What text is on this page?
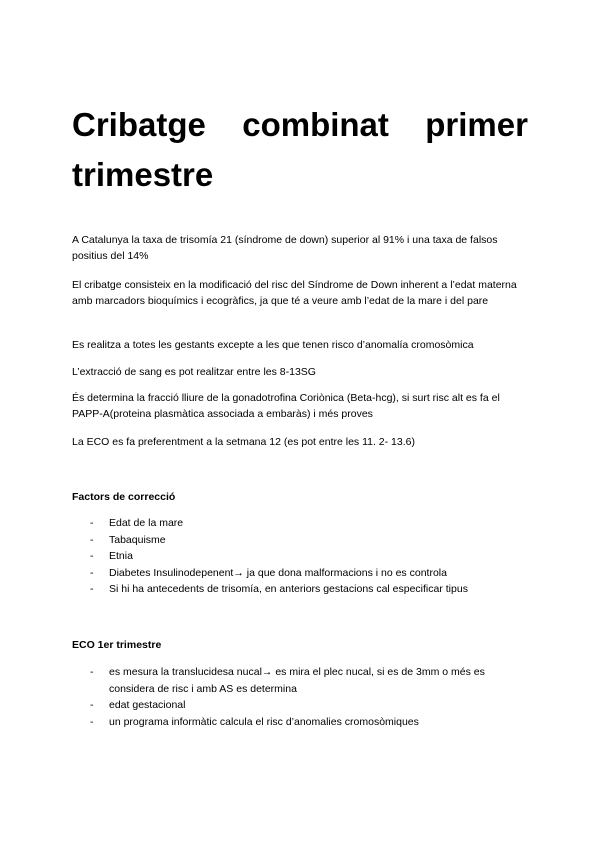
Cribatge combinat primer
trimestre

A Catalunya la taxa de trisomía 21 (síndrome de down) superior al 91% i una taxa de falsos positius del 14%

El cribatge consisteix en la modificació del risc del Síndrome de Down inherent a l’edat materna amb marcadors bioquímics i ecogràfics, ja que té a veure amb l’edat de la mare i del pare

Es realitza a totes les gestants excepte a les que tenen risco d’anomalía cromosòmica

L’extracció de sang es pot realitzar entre les 8-13SG

És determina la fracció lliure de la gonadotrofina Coriònica (Beta-hcg), si surt risc alt es fa el PAPP-A(proteina plasmàtica associada a embaràs) i més proves

La ECO es fa preferentment a la setmana 12 (es pot entre les 11. 2- 13.6)

Factors de correcció
- Edat de la mare
- Tabaquisme
- Etnia
- Diabetes Insulinodepenent→ ja que dona malformacions i no es controla
- Si hi ha antecedents de trisomía, en anteriors gestacions cal especificar tipus
ECO 1er trimestre
- es mesura la translucidesa nucal→ es mira el plec nucal, si es de 3mm o més es considera de risc i amb AS es determina
- edat gestacional
- un programa informàtic calcula el risc d’anomalies cromosòmiques
